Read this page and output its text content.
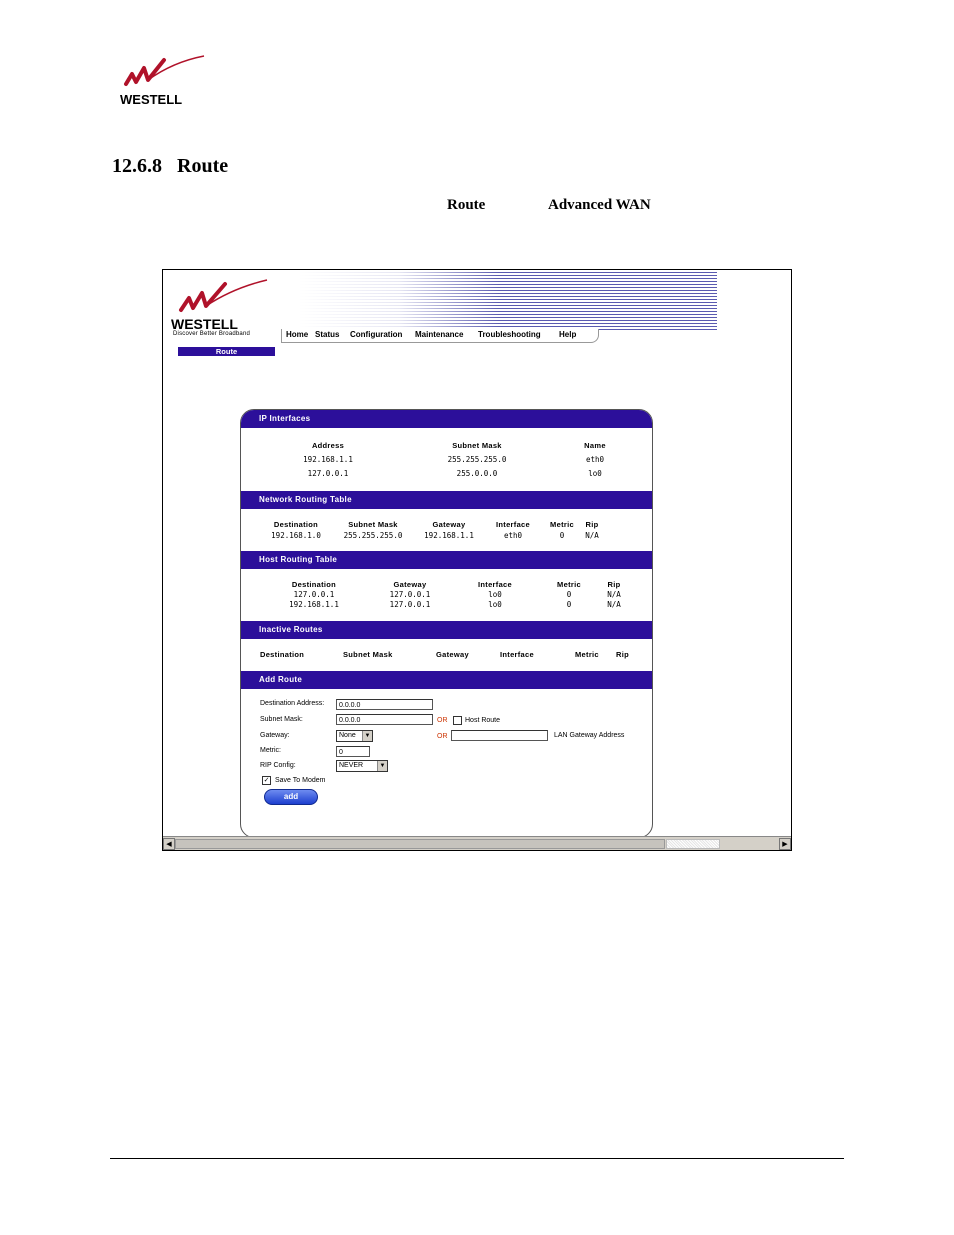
WESTELL
12.6.8 Route
Route	Advanced WAN
WESTELL
Discover Better Broadband	Home Status Configuration Maintenance Troubleshooting Help
Route
IP Interfaces
Address	Subnet Mask	Name
192.168.1.1	255.255.255.0	eth0
127.0.0.1	255.0.0.0	lo0
Network Routing Table
Destination	Subnet Mask	Gateway	Interface	Metric Rip
192.168.1.0	255.255.255.0	192.168.1.1	eth0	0	N/A
Host Routing Table
Destination	Gateway	Interface	Metric	Rip
127.0.0.1	127.0.0.1	lo0	0	N/A
192.168.1.1	127.0.0.1	lo0	0	N/A
Inactive Routes
Destination	Subnet Mask	Gateway	Interface	Metric Rip
Add Route
Destination Address:	0.0.0.0
Subnet Mask:	0.0.0.0	OR	Host Route
Gateway:	None	▼	OR	LAN Gateway Address
Metric:	0
RIP Config:	NEVER	▼
✓ Save To Modem
add
◀	▶
